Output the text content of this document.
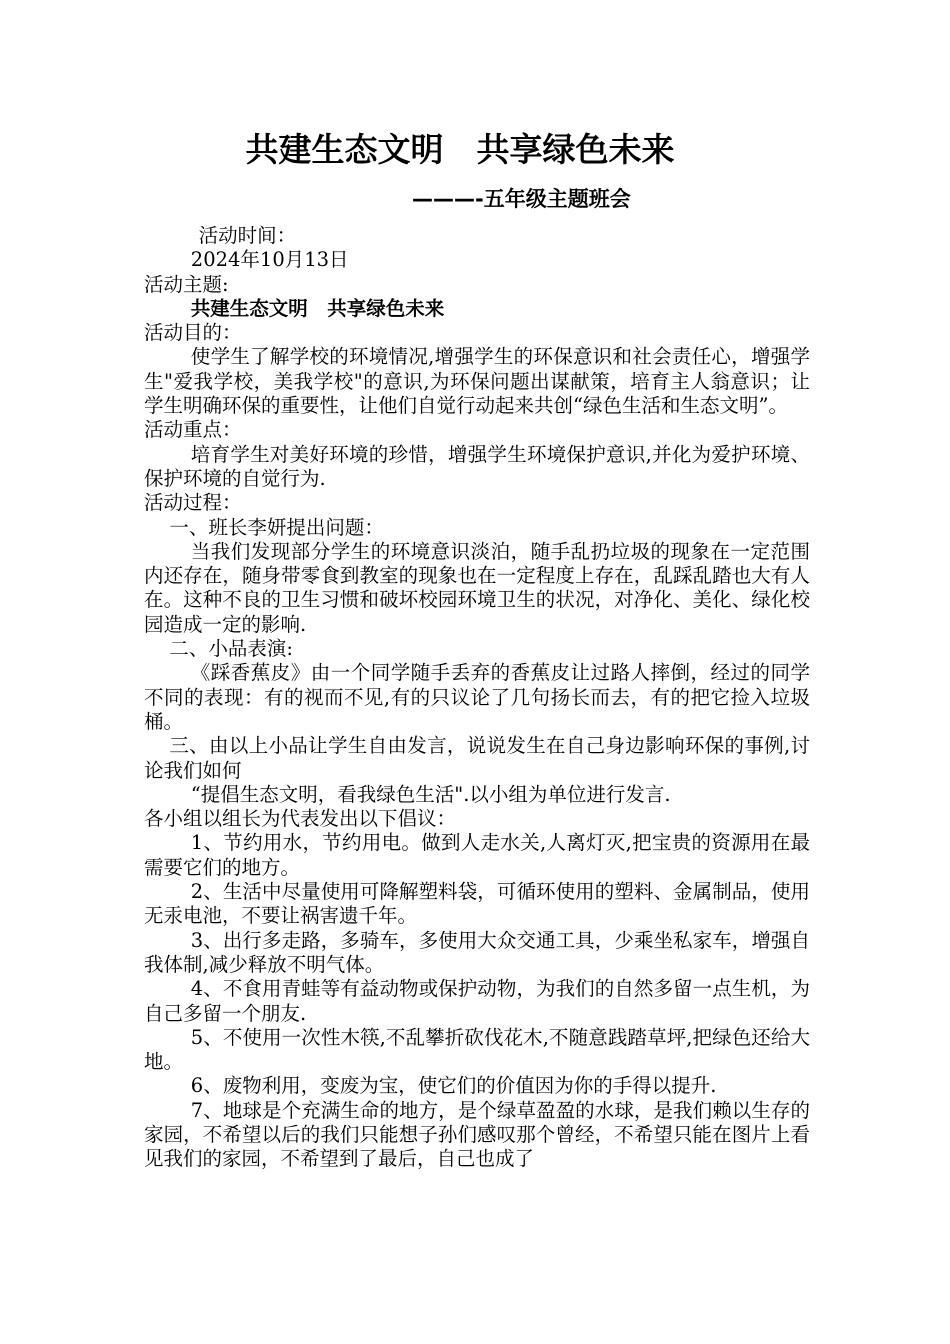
共建生态文明　共享绿色未来
———-五年级主题班会

活动时间：

2024年10月13日

活动主题:

共建生态文明　共享绿色未来

活动目的：

使学生了解学校的环境情况,增强学生的环保意识和社会责任心，增强学生"爱我学校，美我学校"的意识,为环保问题出谋献策，培育主人翁意识；让学生明确环保的重要性，让他们自觉行动起来共创“绿色生活和生态文明”。

活动重点：

培育学生对美好环境的珍惜，增强学生环境保护意识,并化为爱护环境、保护环境的自觉行为.

活动过程：

一、班长李妍提出问题：

当我们发现部分学生的环境意识淡泊，随手乱扔垃圾的现象在一定范围内还存在，随身带零食到教室的现象也在一定程度上存在，乱踩乱踏也大有人在。这种不良的卫生习惯和破坏校园环境卫生的状况，对净化、美化、绿化校园造成一定的影响.

二、小品表演:

《踩香蕉皮》由一个同学随手丢弃的香蕉皮让过路人摔倒，经过的同学不同的表现：有的视而不见,有的只议论了几句扬长而去，有的把它捡入垃圾桶。

三、由以上小品让学生自由发言，说说发生在自己身边影响环保的事例,讨论我们如何

“提倡生态文明，看我绿色生活".以小组为单位进行发言.

各小组以组长为代表发出以下倡议：

1、节约用水，节约用电。做到人走水关,人离灯灭,把宝贵的资源用在最需要它们的地方。

2、生活中尽量使用可降解塑料袋，可循环使用的塑料、金属制品，使用无汞电池，不要让祸害遗千年。

3、出行多走路，多骑车，多使用大众交通工具，少乘坐私家车，增强自我体制,减少释放不明气体。

4、不食用青蛙等有益动物或保护动物，为我们的自然多留一点生机，为自己多留一个朋友.

5、不使用一次性木筷,不乱攀折砍伐花木,不随意践踏草坪,把绿色还给大地。

6、废物利用，变废为宝，使它们的价值因为你的手得以提升.

7、地球是个充满生命的地方，是个绿草盈盈的水球，是我们赖以生存的家园，不希望以后的我们只能想子孙们感叹那个曾经，不希望只能在图片上看见我们的家园，不希望到了最后，自己也成了
